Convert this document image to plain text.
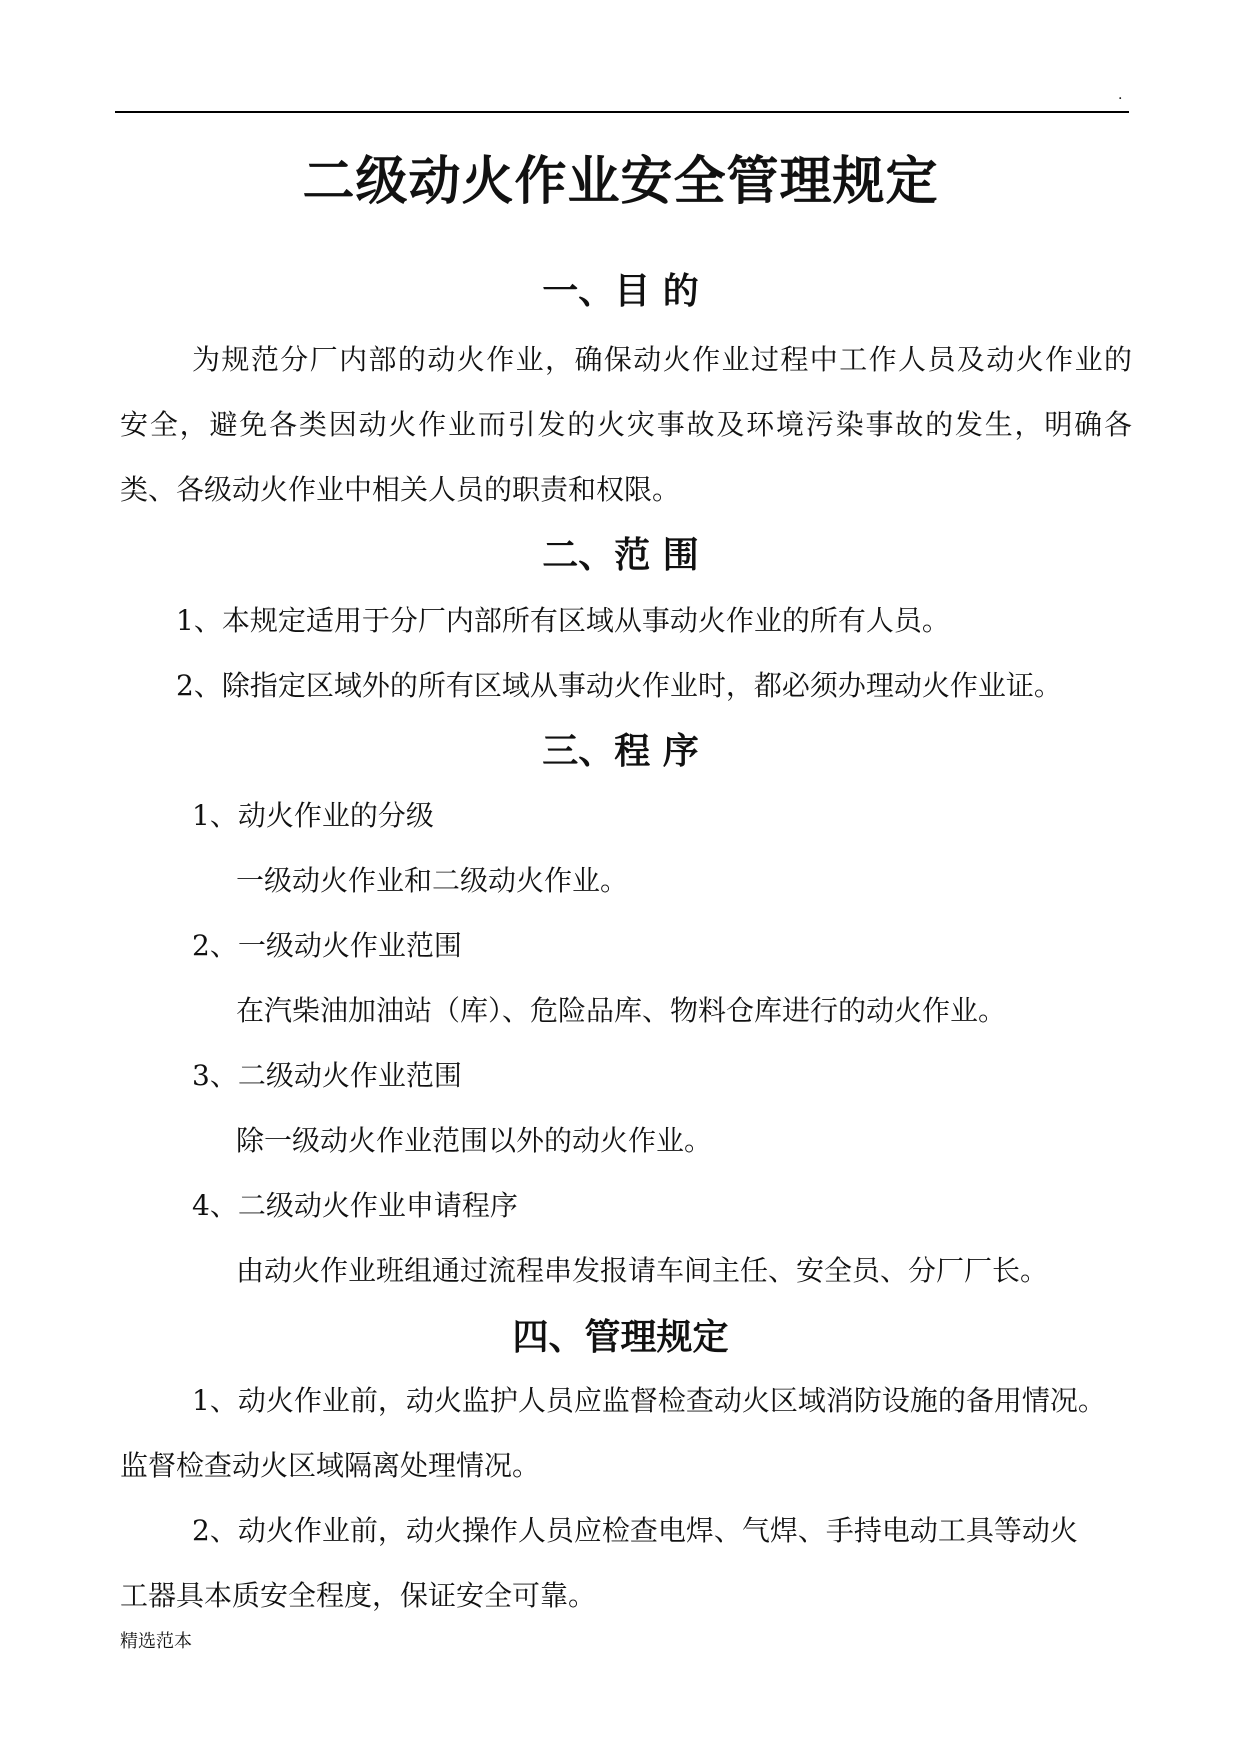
.
二级动火作业安全管理规定
一、目 的
为规范分厂内部的动火作业，确保动火作业过程中工作人员及动火作业的
安全，避免各类因动火作业而引发的火灾事故及环境污染事故的发生，明确各
类、各级动火作业中相关人员的职责和权限。
二、范 围
1、本规定适用于分厂内部所有区域从事动火作业的所有人员。
2、除指定区域外的所有区域从事动火作业时，都必须办理动火作业证。
三、程 序
1、动火作业的分级
一级动火作业和二级动火作业。
2、一级动火作业范围
在汽柴油加油站（库）、危险品库、物料仓库进行的动火作业。
3、二级动火作业范围
除一级动火作业范围以外的动火作业。
4、二级动火作业申请程序
由动火作业班组通过流程串发报请车间主任、安全员、分厂厂长。
四、管理规定
1、动火作业前，动火监护人员应监督检查动火区域消防设施的备用情况。
监督检查动火区域隔离处理情况。
2、动火作业前，动火操作人员应检查电焊、气焊、手持电动工具等动火
工器具本质安全程度，保证安全可靠。
精选范本
